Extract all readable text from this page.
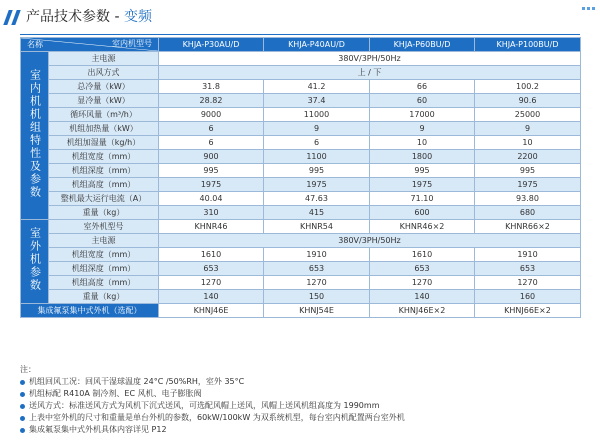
产品技术参数 - 变频
室内机型号
名称		KHJA-P30AU/D	KHJA-P40AU/D	KHJA-P60BU/D	KHJA-P100BU/D
室内机机组特性及参数	主电源	380V/3PH/50Hz			
	出风方式	上 / 下			
	总冷量（kW）	31.8	41.2	66	100.2
	显冷量（kW）	28.82	37.4	60	90.6
	循环风量（m³/h）	9000	11000	17000	25000
	机组加热量（kW）	6	9	9	9
	机组加湿量（kg/h）	6	6	10	10
	机组宽度（mm）	900	1100	1800	2200
	机组深度（mm）	995	995	995	995
	机组高度（mm）	1975	1975	1975	1975
	整机最大运行电流（A）	40.04	47.63	71.10	93.80
	重量（kg）	310	415	600	680
室外机参数	室外机型号	KHNR46	KHNR54	KHNR46×2	KHNR66×2
	主电源	380V/3PH/50Hz			
	机组宽度（mm）	1610	1910	1610	1910
	机组深度（mm）	653	653	653	653
	机组高度（mm）	1270	1270	1270	1270
	重量（kg）	140	150	140	160
集成氟泵集中式外机（选配）		KHNJ46E	KHNJ54E	KHNJ46E×2	KHNJ66E×2
注：
机组回风工况：回风干湿球温度 24°C /50%RH，室外 35°C
机组标配 R410A 制冷剂、EC 风机、电子膨胀阀
送风方式：标准送风方式为风机下沉式送风，可选配风帽上送风，风帽上送风机组高度为 1990mm
上表中室外机的尺寸和重量是单台外机的参数，60kW/100kW 为双系统机型，每台室内机配置两台室外机
集成氟泵集中式外机具体内容详见 P12
